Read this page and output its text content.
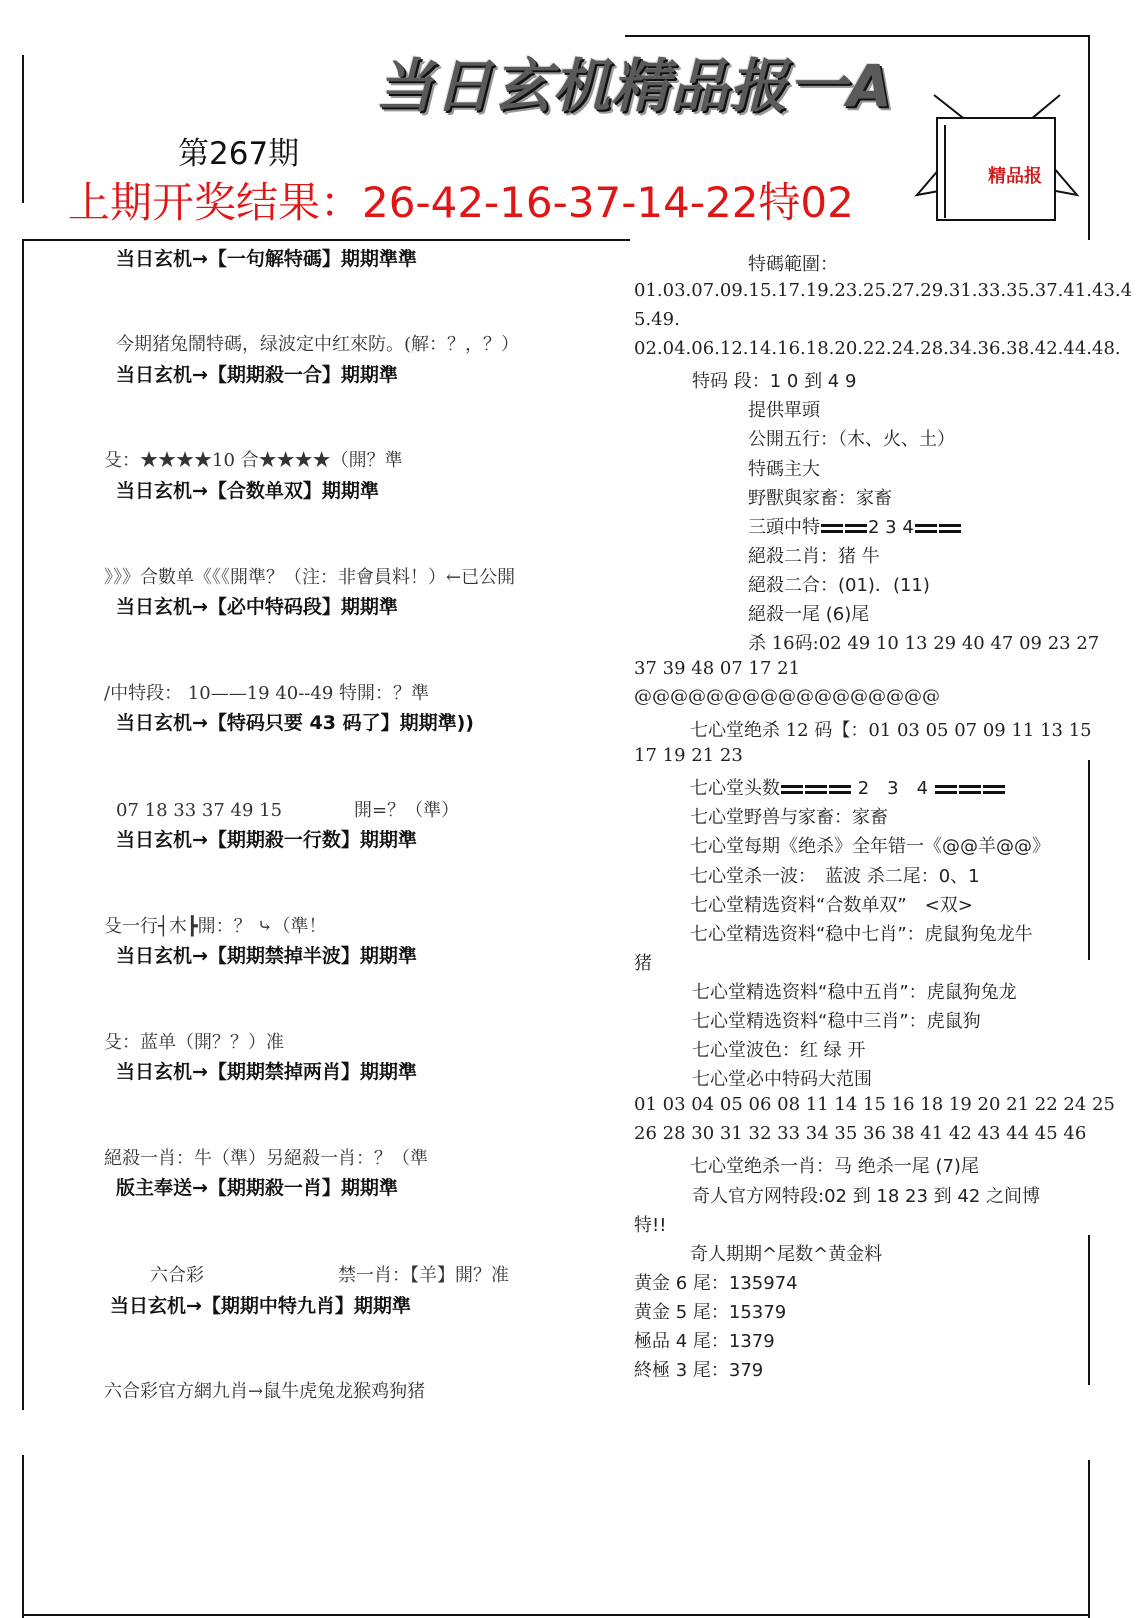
当日玄机精品报一A
第267期
上期开奖结果：26-42-16-37-14-22特02
精品报
当日玄机→【一句解特碼】期期準準
今期猪兔鬧特碼，绿波定中红來防。(解：？，？）
当日玄机→【期期殺一合】期期準
殳：★★★★10 合★★★★（開？準
当日玄机→【合数单双】期期準
》》》合數单《《《開準？（注：非會員料！）←已公開
当日玄机→【必中特码段】期期準
∕中特段： 10——19 40--49 特開：？準
当日玄机→【特码只要 43 码了】期期準))
07 18 33 37 49 15　　　　開=？（準）
当日玄机→【期期殺一行数】期期準
殳一行┤木┣開：？ ⤷（準！
当日玄机→【期期禁掉半波】期期準
殳：蓝单（開？？）准
当日玄机→【期期禁掉两肖】期期準
絕殺一肖：牛（準）另絕殺一肖：？（準
版主奉送→【期期殺一肖】期期準
六合彩	禁一肖：【羊】開？准
当日玄机→【期期中特九肖】期期準
六合彩官方網九肖→鼠牛虎兔龙猴鸡狗猪
特碼範圍：
01.03.07.09.15.17.19.23.25.27.29.31.33.35.37.41.43.4
5.49.
02.04.06.12.14.16.18.20.22.24.28.34.36.38.42.44.48.
特码 段：1 0 到 4 9
提供單頭
公開五行：（木、火、土）
特碼主大
野獸與家畜：家畜
三頭中特	2 3 4
絕殺二肖：猪 牛
絕殺二合：(01)．(11)
絕殺一尾 (6)尾
杀 16码:02 49 10 13 29 40 47 09 23 27
37 39 48 07 17 21
@@@@@@@@@@@@@@@@@
七心堂绝杀 12 码【：01 03 05 07 09 11 13 15
17 19 21 23
七心堂头数	2　3　4
七心堂野兽与家畜：家畜
七心堂每期《绝杀》全年错一《@@羊@@》
七心堂杀一波：　蓝波 杀二尾：0、1
七心堂精选资料“合数单双”　<双>
七心堂精选资料“稳中七肖”：虎鼠狗兔龙牛
猪
七心堂精选资料“稳中五肖”：虎鼠狗兔龙
七心堂精选资料“稳中三肖”：虎鼠狗
七心堂波色：红 绿 开
七心堂必中特码大范围
01 03 04 05 06 08 11 14 15 16 18 19 20 21 22 24 25
26 28 30 31 32 33 34 35 36 38 41 42 43 44 45 46
七心堂绝杀一肖：马 绝杀一尾 (7)尾
奇人官方网特段:02 到 18 23 到 42 之间博
特!!
奇人期期^尾数^黄金料
黄金 6 尾：135974
黄金 5 尾：15379
極品 4 尾：1379
終極 3 尾：379
